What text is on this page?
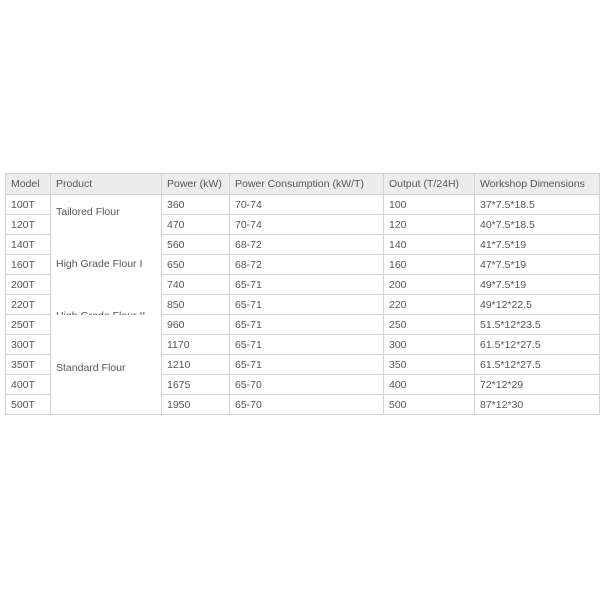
Model	Product	Power (kW)	Power Consumption (kW/T)	Output (T/24H)	Workshop Dimensions
100T		360	70-74	100	37*7.5*18.5
120T	Tailored Flour	470	70-74	120	40*7.5*18.5
140T		560	68-72	140	41*7.5*19
160T	High Grade Flour I	650	68-72	160	47*7.5*19
200T		740	65-71	200	49*7.5*19
220T		850	65-71	220	49*12*22.5
250T		960	65-71	250	51.5*12*23.5
300T		1170	65-71	300	61.5*12*27.5
350T	Standard Flour	1210	65-71	350	61.5*12*27.5
400T		1675	65-70	400	72*12*29
500T		1950	65-70	500	87*12*30
